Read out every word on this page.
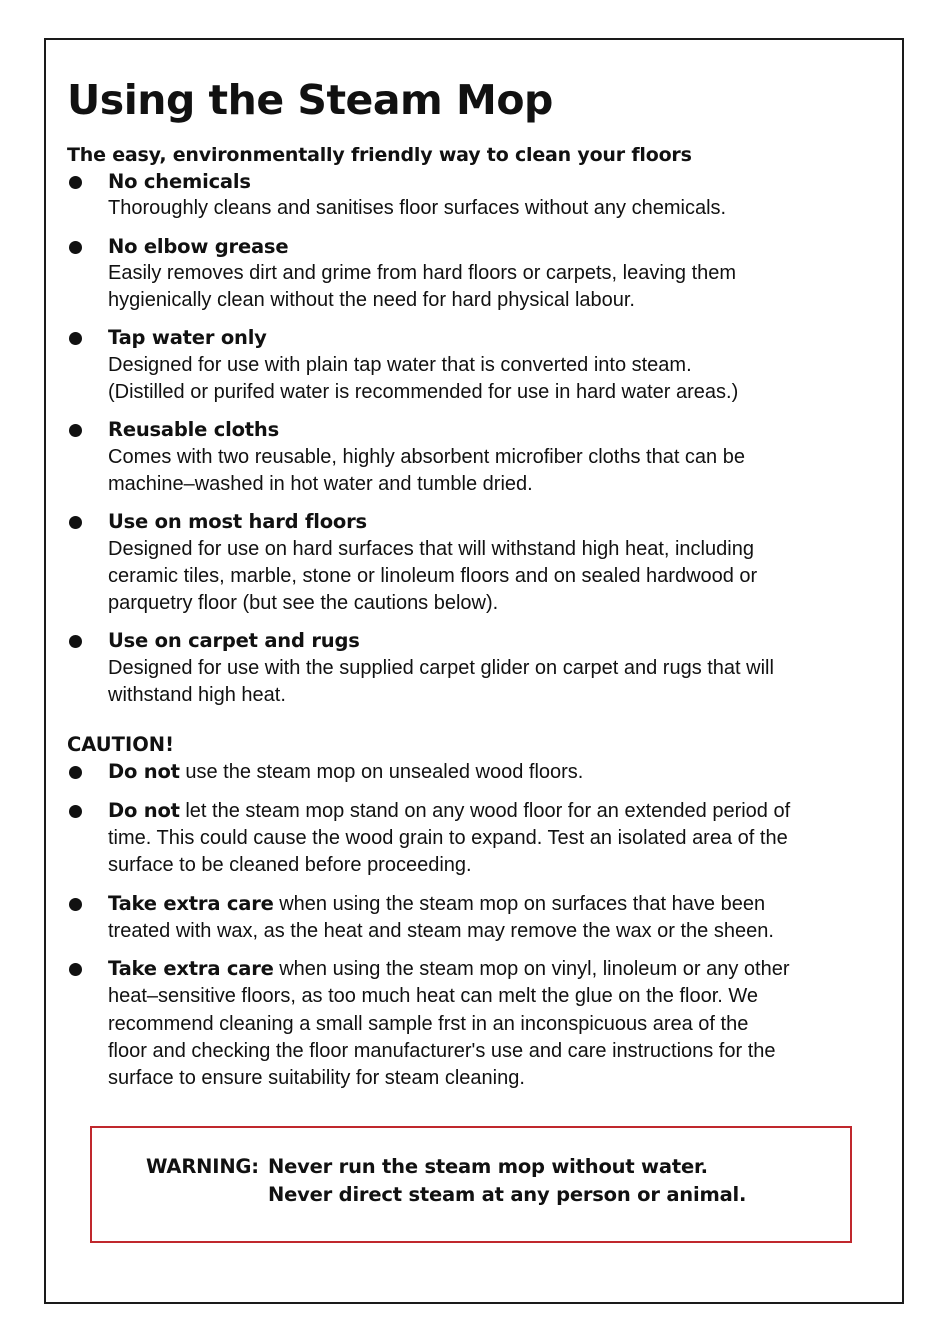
Using the Steam Mop

The easy, environmentally friendly way to clean your floors

No chemicals
Thoroughly cleans and sanitises floor surfaces without any chemicals.
No elbow grease
Easily removes dirt and grime from hard floors or carpets, leaving them
hygienically clean without the need for hard physical labour.
Tap water only
Designed for use with plain tap water that is converted into steam.
(Distilled or purifed water is recommended for use in hard water areas.)
Reusable cloths
Comes with two reusable, highly absorbent microfiber cloths that can be
machine–washed in hot water and tumble dried.
Use on most hard floors
Designed for use on hard surfaces that will withstand high heat, including
ceramic tiles, marble, stone or linoleum floors and on sealed hardwood or
parquetry floor (but see the cautions below).
Use on carpet and rugs
Designed for use with the supplied carpet glider on carpet and rugs that will
withstand high heat.

CAUTION!

Do not use the steam mop on unsealed wood floors.
Do not let the steam mop stand on any wood floor for an extended period of
time. This could cause the wood grain to expand. Test an isolated area of the
surface to be cleaned before proceeding.
Take extra care when using the steam mop on surfaces that have been
treated with wax, as the heat and steam may remove the wax or the sheen.
Take extra care when using the steam mop on vinyl, linoleum or any other
heat–sensitive floors, as too much heat can melt the glue on the floor. We
recommend cleaning a small sample frst in an inconspicuous area of the
floor and checking the floor manufacturer's use and care instructions for the
surface to ensure suitability for steam cleaning.
WARNING: Never run the steam mop without water.
Never direct steam at any person or animal.
